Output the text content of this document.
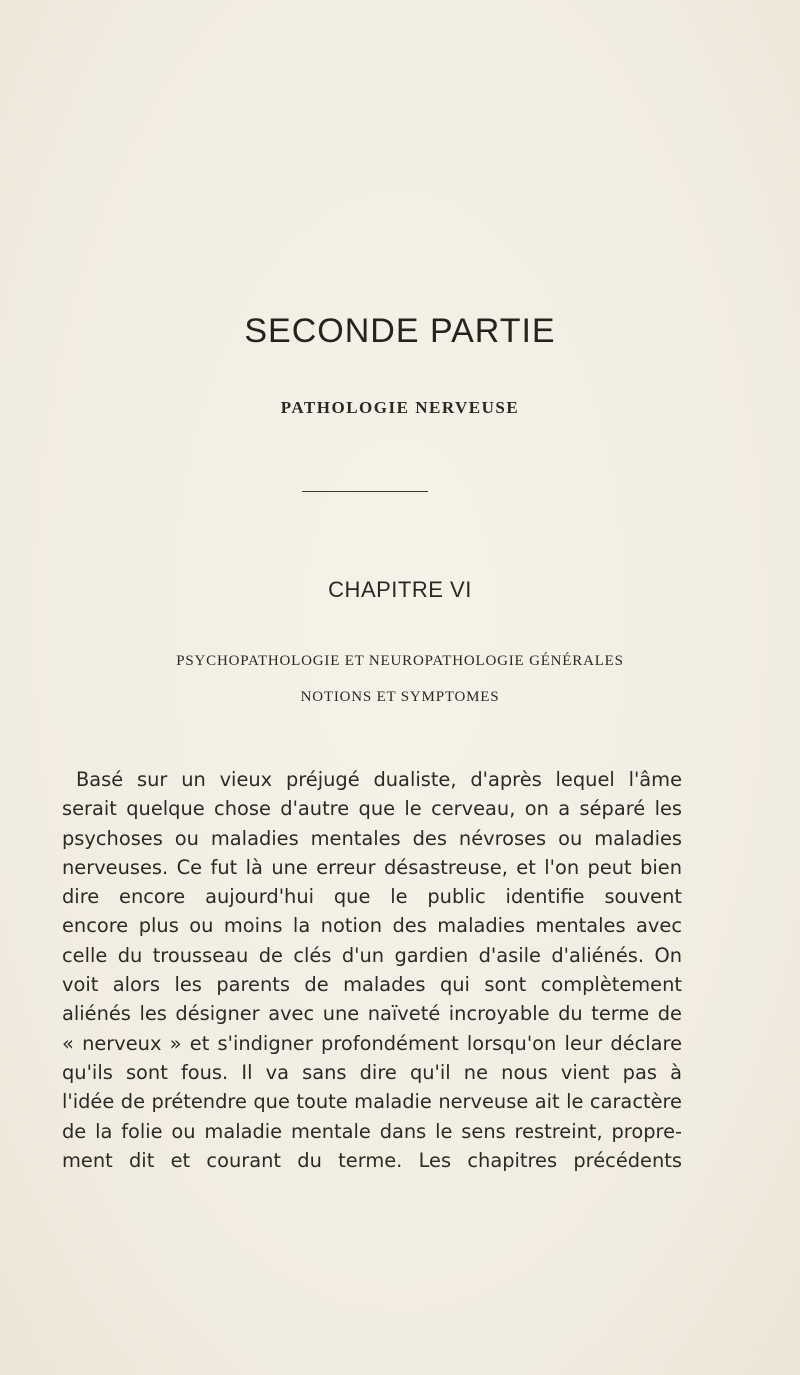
SECONDE PARTIE
PATHOLOGIE NERVEUSE
CHAPITRE VI
PSYCHOPATHOLOGIE ET NEUROPATHOLOGIE GÉNÉRALES
NOTIONS ET SYMPTOMES
Basé sur un vieux préjugé dualiste, d'après lequel l'âme
serait quelque chose d'autre que le cerveau, on a séparé les
psychoses ou maladies mentales des névroses ou maladies
nerveuses. Ce fut là une erreur désastreuse, et l'on peut bien
dire encore aujourd'hui que le public identifie souvent
encore plus ou moins la notion des maladies mentales avec
celle du trousseau de clés d'un gardien d'asile d'aliénés. On
voit alors les parents de malades qui sont complètement
aliénés les désigner avec une naïveté incroyable du terme de
« nerveux » et s'indigner profondément lorsqu'on leur déclare
qu'ils sont fous. Il va sans dire qu'il ne nous vient pas à
l'idée de prétendre que toute maladie nerveuse ait le caractère
de la folie ou maladie mentale dans le sens restreint, propre-
ment dit et courant du terme. Les chapitres précédents
